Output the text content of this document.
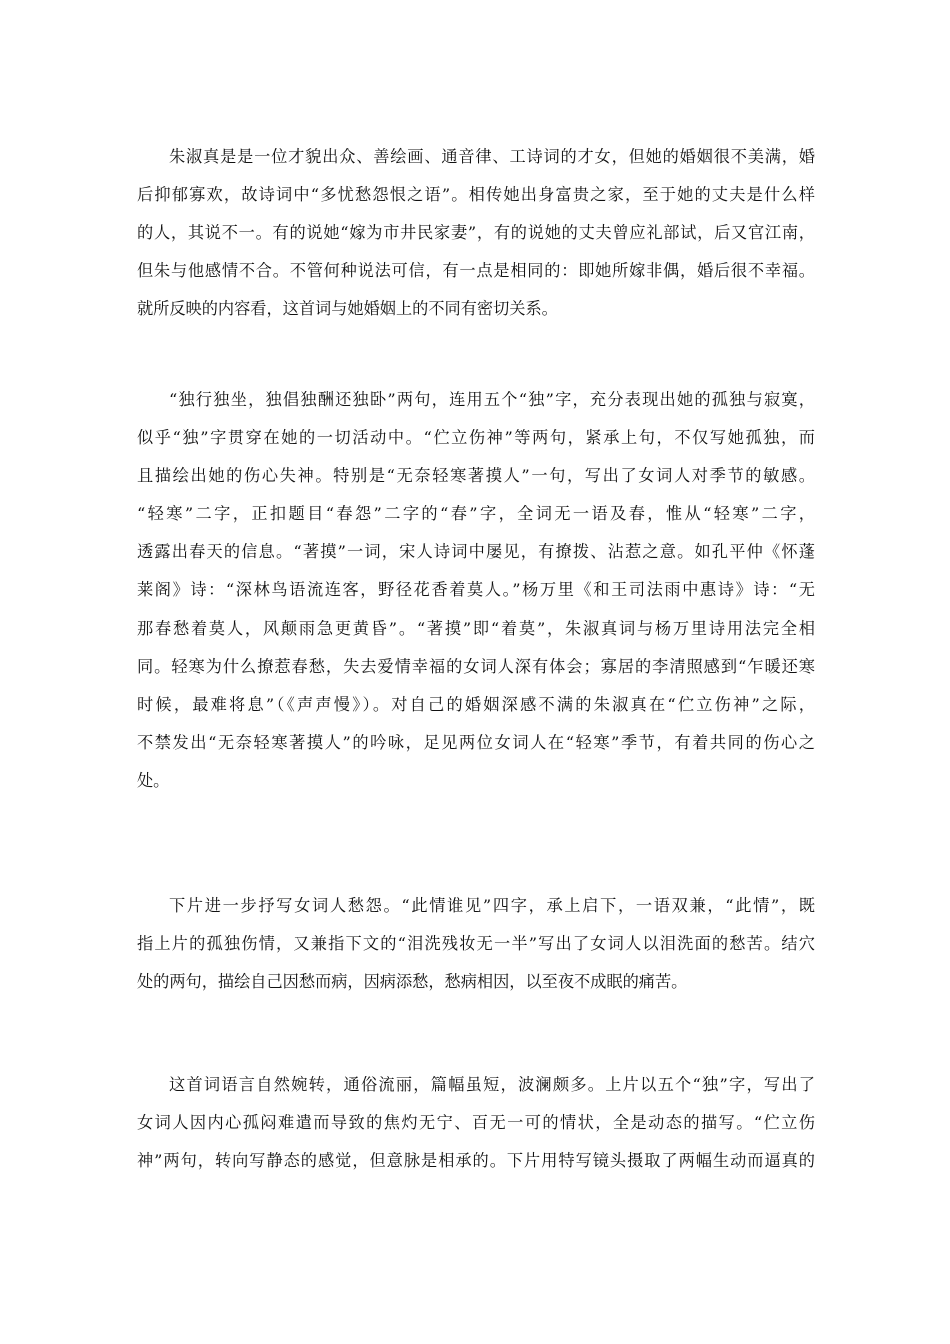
朱淑真是是一位才貌出众、善绘画、通音律、工诗词的才女，但她的婚姻很不美满，婚
后抑郁寡欢，故诗词中“多忧愁怨恨之语”。相传她出身富贵之家，至于她的丈夫是什么样
的人，其说不一。有的说她“嫁为市井民家妻”，有的说她的丈夫曾应礼部试，后又官江南，
但朱与他感情不合。不管何种说法可信，有一点是相同的：即她所嫁非偶，婚后很不幸福。
就所反映的内容看，这首词与她婚姻上的不同有密切关系。
“独行独坐，独倡独酬还独卧”两句，连用五个“独”字，充分表现出她的孤独与寂寞，
似乎“独”字贯穿在她的一切活动中。“伫立伤神”等两句，紧承上句，不仅写她孤独，而
且描绘出她的伤心失神。特别是“无奈轻寒著摸人”一句，写出了女词人对季节的敏感。
“轻寒”二字，正扣题目“春怨”二字的“春”字，全词无一语及春，惟从“轻寒”二字，
透露出春天的信息。“著摸”一词，宋人诗词中屡见，有撩拨、沾惹之意。如孔平仲《怀蓬
莱阁》诗：“深林鸟语流连客，野径花香着莫人。”杨万里《和王司法雨中惠诗》诗：“无
那春愁着莫人，风颠雨急更黄昏”。“著摸”即“着莫”，朱淑真词与杨万里诗用法完全相
同。轻寒为什么撩惹春愁，失去爱情幸福的女词人深有体会；寡居的李清照感到“乍暖还寒
时候，最难将息”（《声声慢》）。对自己的婚姻深感不满的朱淑真在“伫立伤神”之际，
不禁发出“无奈轻寒著摸人”的吟咏，足见两位女词人在“轻寒”季节，有着共同的伤心之
处。
下片进一步抒写女词人愁怨。“此情谁见”四字，承上启下，一语双兼，“此情”，既
指上片的孤独伤情，又兼指下文的“泪洗残妆无一半”写出了女词人以泪洗面的愁苦。结穴
处的两句，描绘自己因愁而病，因病添愁，愁病相因，以至夜不成眠的痛苦。
这首词语言自然婉转，通俗流丽，篇幅虽短，波澜颇多。上片以五个“独”字，写出了
女词人因内心孤闷难遣而导致的焦灼无宁、百无一可的情状，全是动态的描写。“伫立伤
神”两句，转向写静态的感觉，但意脉是相承的。下片用特写镜头摄取了两幅生动而逼真的
